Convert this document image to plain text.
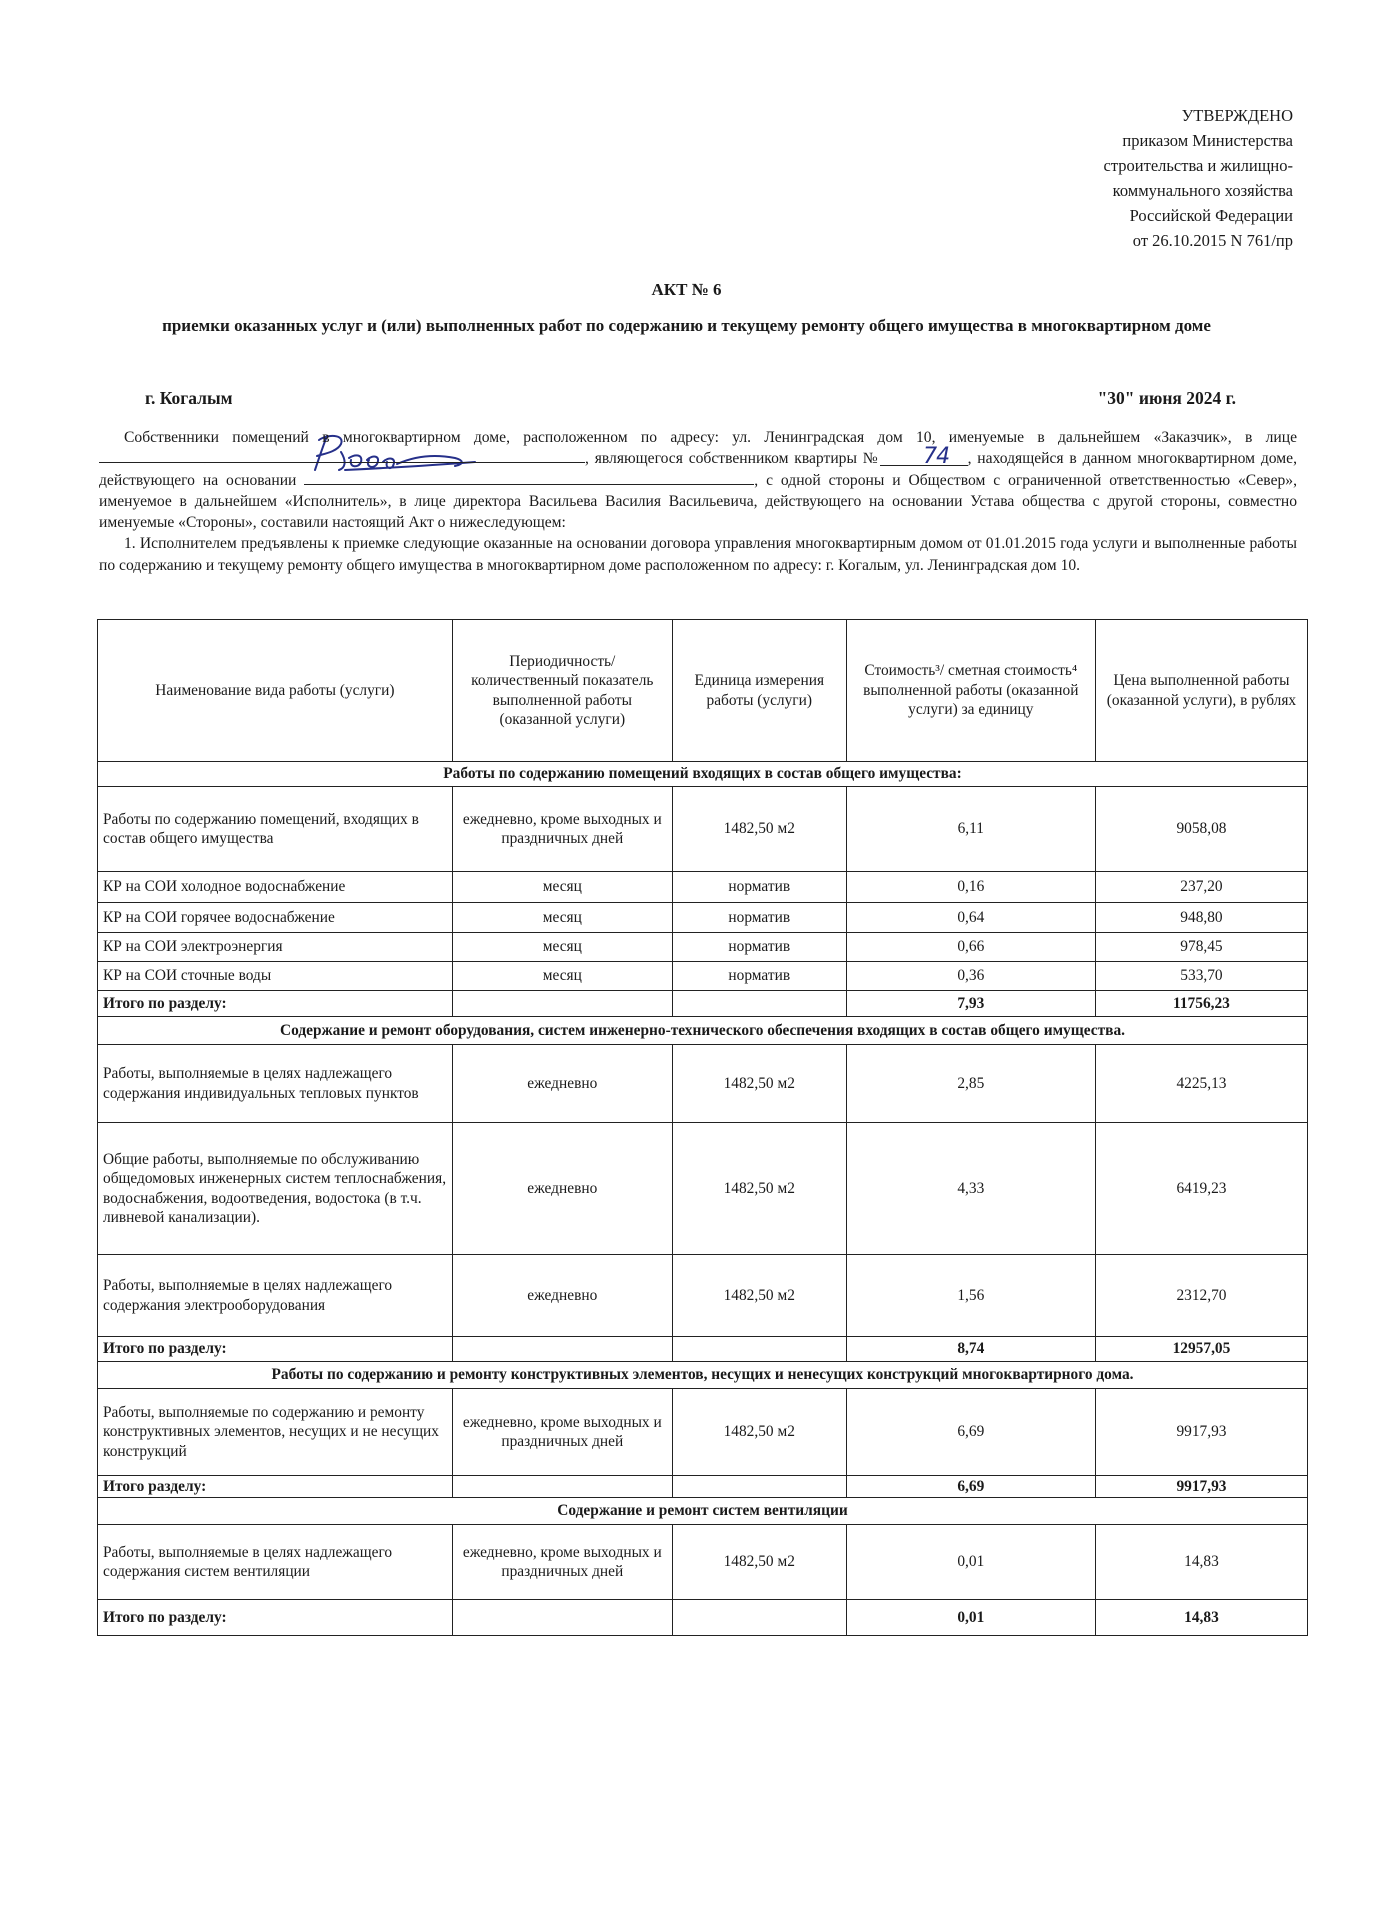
УТВЕРЖДЕНО
приказом Министерства
строительства и жилищно-
коммунального хозяйства
Российской Федерации
от 26.10.2015 N 761/пр
АКТ № 6
приемки оказанных услуг и (или) выполненных работ по содержанию и текущему ремонту общего имущества в многоквартирном доме
г. Когалым	"30" июня 2024 г.

Собственники помещений в многоквартирном доме, расположенном по адресу: ул. Ленинградская дом 10, именуемые в дальнейшем «Заказчик», в лице , являющегося собственником квартиры № 74 , находящейся в данном многоквартирном доме, действующего на основании	, с одной стороны и Обществом с ограниченной ответственностью «Север», именуемое в дальнейшем «Исполнитель», в лице директора Васильева Василия Васильевича, действующего на основании Устава общества с другой стороны, совместно именуемые «Стороны», составили настоящий Акт о нижеследующем:

1. Исполнителем предъявлены к приемке следующие оказанные на основании договора управления многоквартирным домом от 01.01.2015 года услуги и выполненные работы по содержанию и текущему ремонту общего имущества в многоквартирном доме расположенном по адресу: г. Когалым, ул. Ленинградская дом 10.

Наименование вида работы (услуги)	Периодичность/ количественный показатель выполненной работы (оказанной услуги)	Единица измерения работы (услуги)	Стоимость³/ сметная стоимость⁴ выполненной работы (оказанной услуги) за единицу	Цена выполненной работы (оказанной услуги), в рублях
Работы по содержанию помещений входящих в состав общего имущества:				
Работы по содержанию помещений, входящих в состав общего имущества	ежедневно, кроме выходных и праздничных дней	1482,50 м2	6,11	9058,08
КР на СОИ холодное водоснабжение	месяц	норматив	0,16	237,20
КР на СОИ горячее водоснабжение	месяц	норматив	0,64	948,80
КР на СОИ электроэнергия	месяц	норматив	0,66	978,45
КР на СОИ сточные воды	месяц	норматив	0,36	533,70
Итого по разделу:			7,93	11756,23
Содержание и ремонт оборудования, систем инженерно-технического обеспечения входящих в состав общего имущества.				
Работы, выполняемые в целях надлежащего содержания индивидуальных тепловых пунктов	ежедневно	1482,50 м2	2,85	4225,13
Общие работы, выполняемые по обслуживанию общедомовых инженерных систем теплоснабжения, водоснабжения, водоотведения, водостока (в т.ч. ливневой канализации).	ежедневно	1482,50 м2	4,33	6419,23
Работы, выполняемые в целях надлежащего содержания электрооборудования	ежедневно	1482,50 м2	1,56	2312,70
Итого по разделу:			8,74	12957,05
Работы по содержанию и ремонту конструктивных элементов, несущих и ненесущих конструкций многоквартирного дома.				
Работы, выполняемые по содержанию и ремонту конструктивных элементов, несущих и не несущих конструкций	ежедневно, кроме выходных и праздничных дней	1482,50 м2	6,69	9917,93
Итого разделу:			6,69	9917,93
Содержание и ремонт систем вентиляции				
Работы, выполняемые в целях надлежащего содержания систем вентиляции	ежедневно, кроме выходных и праздничных дней	1482,50 м2	0,01	14,83
Итого по разделу:			0,01	14,83
